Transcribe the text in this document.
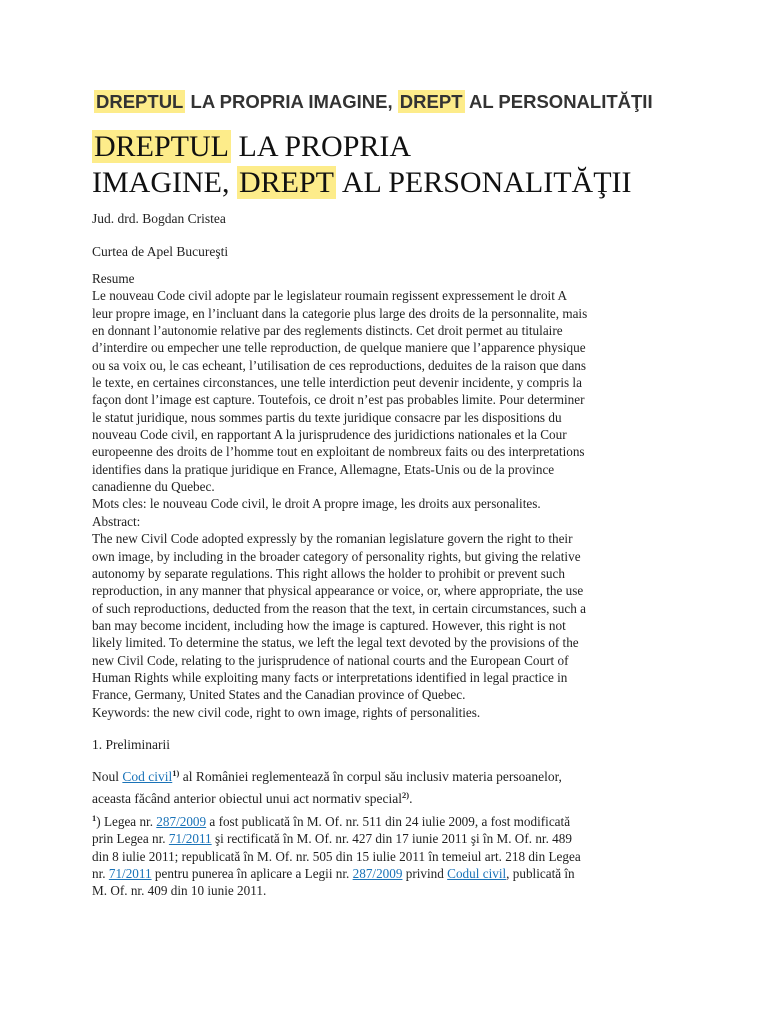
DREPTUL LA PROPRIA IMAGINE, DREPT AL PERSONALITĂŢII
DREPTUL LA PROPRIA
IMAGINE, DREPT AL PERSONALITĂŢII
Jud. drd. Bogdan Cristea
Curtea de Apel Bucureşti
Resume
Le nouveau Code civil adopte par le legislateur roumain regissent expressement le droit A
leur propre image, en l’incluant dans la categorie plus large des droits de la personnalite, mais
en donnant l’autonomie relative par des reglements distincts. Cet droit permet au titulaire
d’interdire ou empecher une telle reproduction, de quelque maniere que l’apparence physique
ou sa voix ou, le cas echeant, l’utilisation de ces reproductions, deduites de la raison que dans
le texte, en certaines circonstances, une telle interdiction peut devenir incidente, y compris la
façon dont l’image est capture. Toutefois, ce droit n’est pas probables limite. Pour determiner
le statut juridique, nous sommes partis du texte juridique consacre par les dispositions du
nouveau Code civil, en rapportant A la jurisprudence des juridictions nationales et la Cour
europeenne des droits de l’homme tout en exploitant de nombreux faits ou des interpretations
identifies dans la pratique juridique en France, Allemagne, Etats-Unis ou de la province
canadienne du Quebec.
Mots cles: le nouveau Code civil, le droit A propre image, les droits aux personalites.
Abstract:
The new Civil Code adopted expressly by the romanian legislature govern the right to their
own image, by including in the broader category of personality rights, but giving the relative
autonomy by separate regulations. This right allows the holder to prohibit or prevent such
reproduction, in any manner that physical appearance or voice, or, where appropriate, the use
of such reproductions, deducted from the reason that the text, in certain circumstances, such a
ban may become incident, including how the image is captured. However, this right is not
likely limited. To determine the status, we left the legal text devoted by the provisions of the
new Civil Code, relating to the jurisprudence of national courts and the European Court of
Human Rights while exploiting many facts or interpretations identified in legal practice in
France, Germany, United States and the Canadian province of Quebec.
Keywords: the new civil code, right to own image, rights of personalities.
1. Preliminarii
Noul Cod civil$^{1)}$ al României reglementează în corpul său inclusiv materia persoanelor,
aceasta făcând anterior obiectul unui act normativ special$^{2)}$.
$^1$) Legea nr. 287/2009 a fost publicată în M. Of. nr. 511 din 24 iulie 2009, a fost modificată
prin Legea nr. 71/2011 şi rectificată în M. Of. nr. 427 din 17 iunie 2011 şi în M. Of. nr. 489
din 8 iulie 2011; republicată în M. Of. nr. 505 din 15 iulie 2011 în temeiul art. 218 din Legea
nr. 71/2011 pentru punerea în aplicare a Legii nr. 287/2009 privind Codul civil, publicată în
M. Of. nr. 409 din 10 iunie 2011.
